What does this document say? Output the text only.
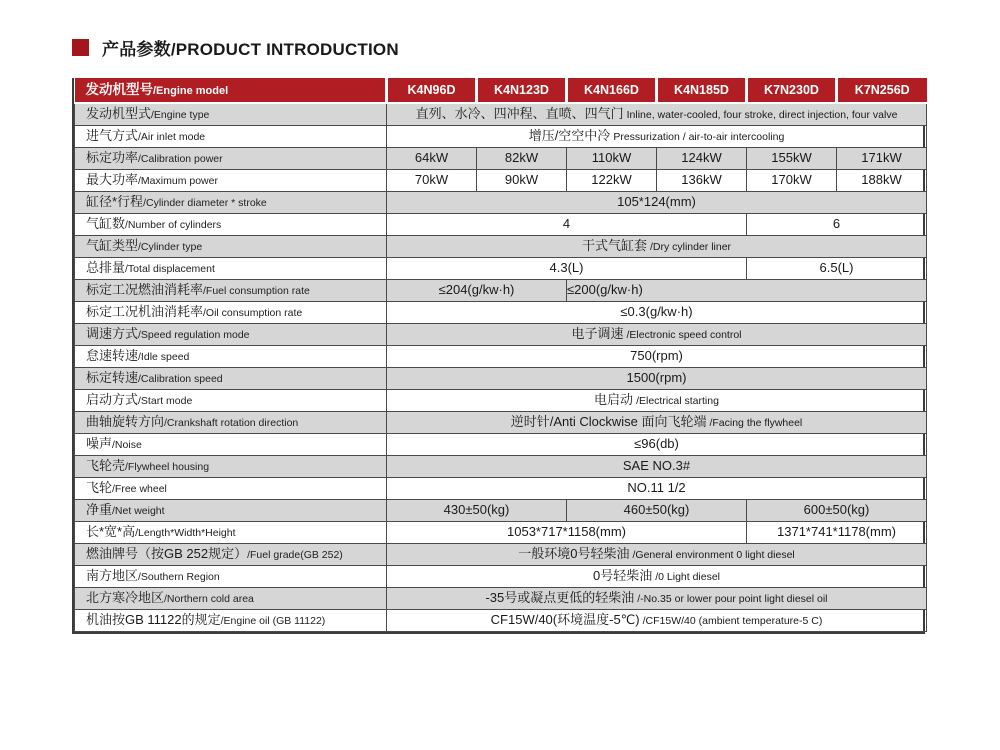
产品参数/PRODUCT INTRODUCTION
发动机型号/Engine model	K4N96D	K4N123D	K4N166D	K4N185D	K7N230D	K7N256D
发动机型式/Engine type	直列、水冷、四冲程、直喷、四气门 Inline, water-cooled, four stroke, direct injection, four valve					
进气方式/Air inlet mode	增压/空空中冷 Pressurization / air-to-air intercooling					
标定功率/Calibration power	64kW	82kW	110kW	124kW	155kW	171kW
最大功率/Maximum power	70kW	90kW	122kW	136kW	170kW	188kW
缸径*行程/Cylinder diameter * stroke	105*124(mm)					
气缸数/Number of cylinders	4				6	
气缸类型/Cylinder type	干式气缸套 /Dry cylinder liner					
总排量/Total displacement	4.3(L)				6.5(L)	
标定工况燃油消耗率/Fuel consumption rate	≤204(g/kw·h)		≤200(g/kw·h)			
标定工况机油消耗率/Oil consumption rate	≤0.3(g/kw·h)					
调速方式/Speed regulation mode	电子调速 /Electronic speed control					
怠速转速/Idle speed	750(rpm)					
标定转速/Calibration speed	1500(rpm)					
启动方式/Start mode	电启动 /Electrical starting					
曲轴旋转方向/Crankshaft rotation direction	逆时针/Anti Clockwise 面向飞轮端 /Facing the flywheel					
噪声/Noise	≤96(db)					
飞轮壳/Flywheel housing	SAE NO.3#					
飞轮/Free wheel	NO.11 1/2					
净重/Net weight	430±50(kg)		460±50(kg)		600±50(kg)	
长*宽*高/Length*Width*Height	1053*717*1158(mm)				1371*741*1178(mm)	
燃油牌号（按GB 252规定）/Fuel grade(GB 252)	一般环境0号轻柴油 /General environment 0 light diesel					
南方地区/Southern Region	0号轻柴油 /0 Light diesel					
北方寒冷地区/Northern cold area	-35号或凝点更低的轻柴油 /-No.35 or lower pour point light diesel oil					
机油按GB 11122的规定/Engine oil (GB 11122)	CF15W/40(环境温度-5℃) /CF15W/40 (ambient temperature-5 C)					
